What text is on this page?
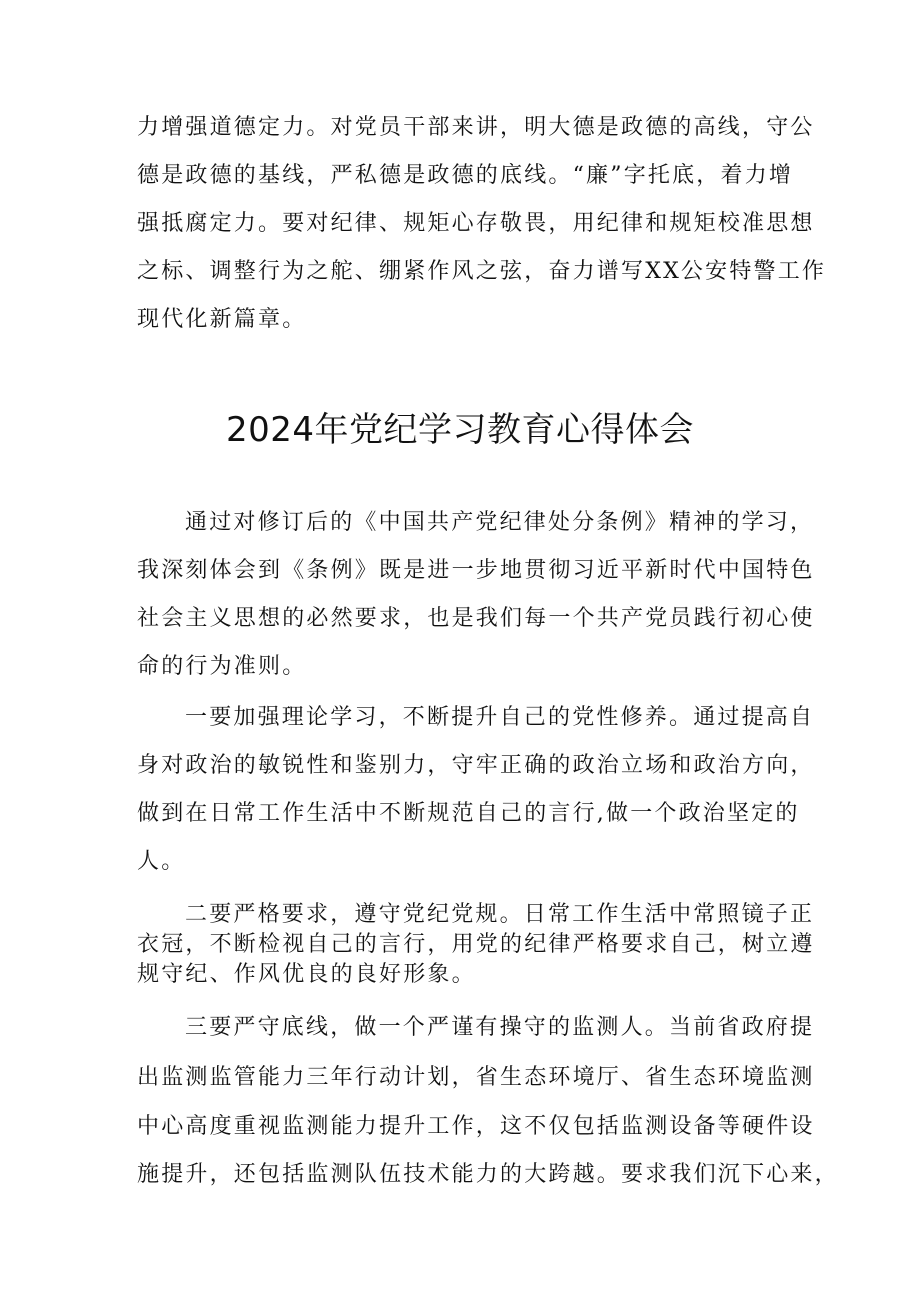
力增强道德定力。对党员干部来讲，明大德是政德的高线，守公
德是政德的基线，严私德是政德的底线。“廉”字托底，着力增
强抵腐定力。要对纪律、规矩心存敬畏，用纪律和规矩校准思想
之标、调整行为之舵、绷紧作风之弦，奋力谱写XX公安特警工作
现代化新篇章。
2024年党纪学习教育心得体会
通过对修订后的《中国共产党纪律处分条例》精神的学习，
我深刻体会到《条例》既是进一步地贯彻习近平新时代中国特色
社会主义思想的必然要求，也是我们每一个共产党员践行初心使
命的行为准则。
一要加强理论学习，不断提升自己的党性修养。通过提高自
身对政治的敏锐性和鉴别力，守牢正确的政治立场和政治方向，
做到在日常工作生活中不断规范自己的言行,做一个政治坚定的
人。
二要严格要求，遵守党纪党规。日常工作生活中常照镜子正
衣冠，不断检视自己的言行，用党的纪律严格要求自己，树立遵
规守纪、作风优良的良好形象。
三要严守底线，做一个严谨有操守的监测人。当前省政府提
出监测监管能力三年行动计划，省生态环境厅、省生态环境监测
中心高度重视监测能力提升工作，这不仅包括监测设备等硬件设
施提升，还包括监测队伍技术能力的大跨越。要求我们沉下心来，
